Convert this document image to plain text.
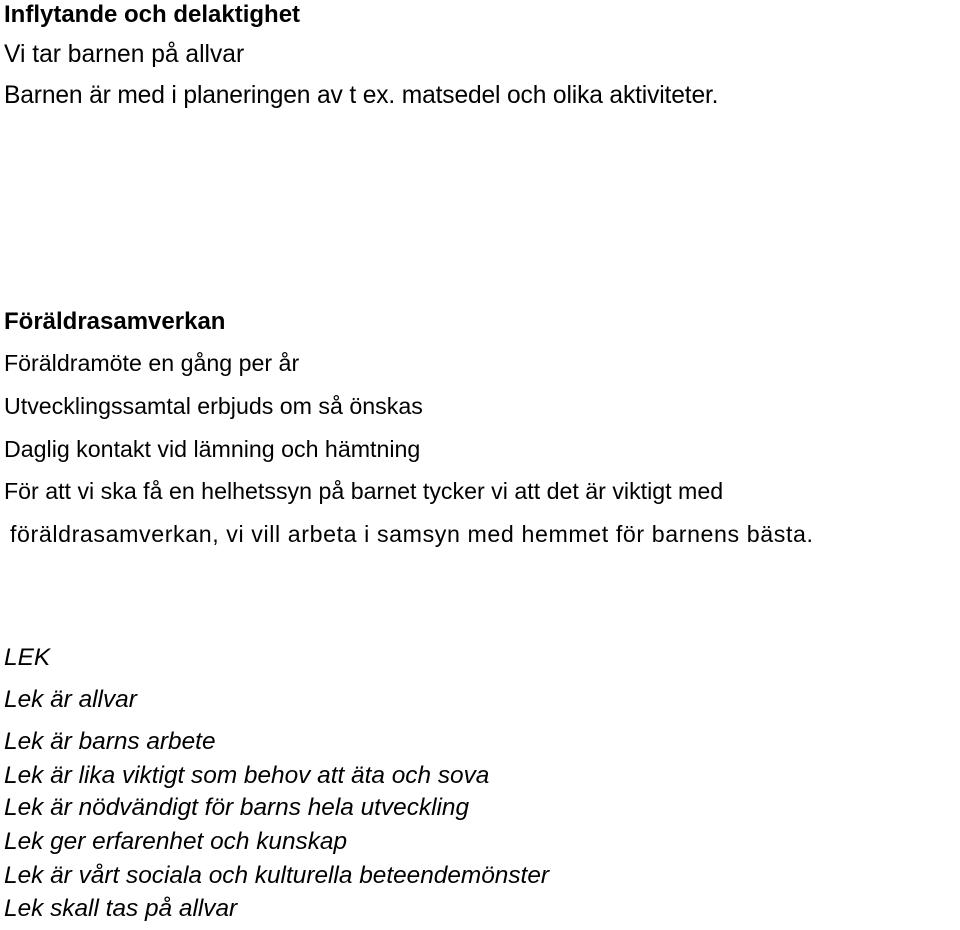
Inflytande och delaktighet

Vi tar barnen på allvar

Barnen är med i planeringen av t ex. matsedel och olika aktiviteter.

Föräldrasamverkan

Föräldramöte en gång per år

Utvecklingssamtal erbjuds om så önskas

Daglig kontakt vid lämning och hämtning

För att vi ska få en helhetssyn på barnet tycker vi att det är viktigt med

föräldrasamverkan, vi vill arbeta i samsyn med hemmet för barnens bästa.

LEK

Lek är allvar

Lek är barns arbete

Lek är lika viktigt som behov att äta och sova

Lek är nödvändigt för barns hela utveckling

Lek ger erfarenhet och kunskap

Lek är vårt sociala och kulturella beteendemönster

Lek skall tas på allvar
